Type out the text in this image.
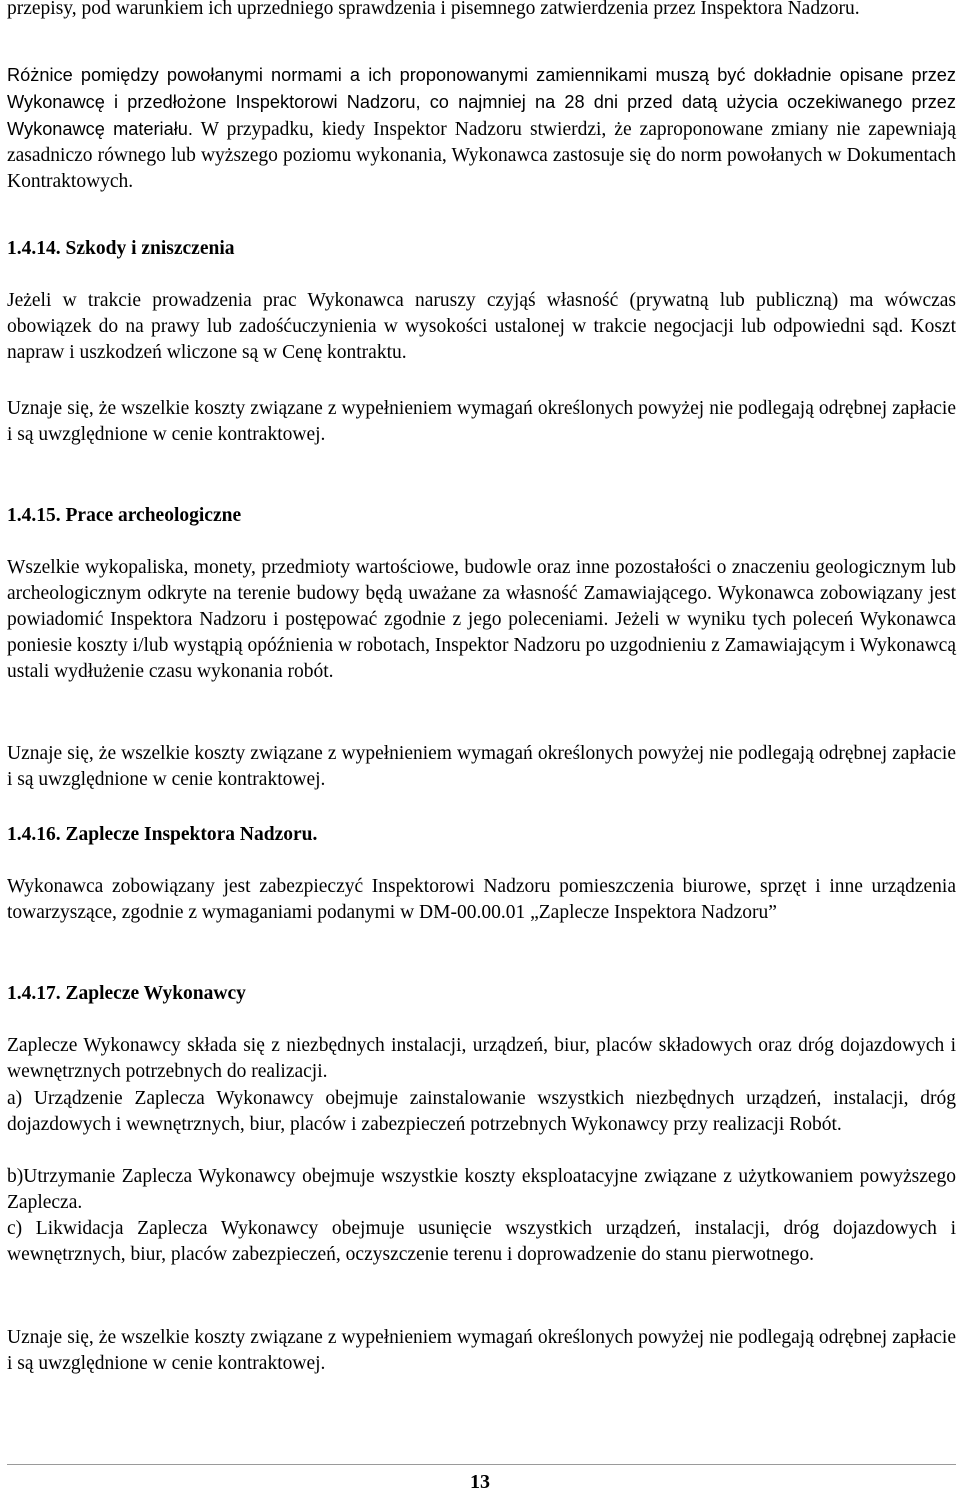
przepisy, pod warunkiem ich uprzedniego sprawdzenia i pisemnego zatwierdzenia przez Inspektora Nadzoru.

Różnice pomiędzy powołanymi normami a ich proponowanymi zamiennikami muszą być dokładnie opisane przez Wykonawcę i przedłożone Inspektorowi Nadzoru, co najmniej na 28 dni przed datą użycia oczekiwanego przez Wykonawcę materiału. W przypadku, kiedy Inspektor Nadzoru stwierdzi, że zaproponowane zmiany nie zapewniają zasadniczo równego lub wyższego poziomu wykonania, Wykonawca zastosuje się do norm powołanych w Dokumentach Kontraktowych.

1.4.14. Szkody i zniszczenia

Jeżeli w trakcie prowadzenia prac Wykonawca naruszy czyjąś własność (prywatną lub publiczną) ma wówczas obowiązek do na prawy lub zadośćuczynienia w wysokości ustalonej w trakcie negocjacji lub odpowiedni sąd. Koszt napraw i uszkodzeń wliczone są w Cenę kontraktu.

Uznaje się, że wszelkie koszty związane z wypełnieniem wymagań określonych powyżej nie podlegają odrębnej zapłacie i są uwzględnione w cenie kontraktowej.

1.4.15. Prace archeologiczne

Wszelkie wykopaliska, monety, przedmioty wartościowe, budowle oraz inne pozostałości o znaczeniu geologicznym lub archeologicznym odkryte na terenie budowy będą uważane za własność Zamawiającego. Wykonawca zobowiązany jest powiadomić Inspektora Nadzoru i postępować zgodnie z jego poleceniami. Jeżeli w wyniku tych poleceń Wykonawca poniesie koszty i/lub wystąpią opóźnienia w robotach, Inspektor Nadzoru po uzgodnieniu z Zamawiającym i Wykonawcą ustali wydłużenie czasu wykonania robót.

Uznaje się, że wszelkie koszty związane z wypełnieniem wymagań określonych powyżej nie podlegają odrębnej zapłacie i są uwzględnione w cenie kontraktowej.

1.4.16. Zaplecze Inspektora Nadzoru.

Wykonawca zobowiązany jest zabezpieczyć Inspektorowi Nadzoru pomieszczenia biurowe, sprzęt i inne urządzenia towarzyszące, zgodnie z wymaganiami podanymi w DM-00.00.01 „Zaplecze Inspektora Nadzoru”

1.4.17. Zaplecze Wykonawcy

Zaplecze Wykonawcy składa się z niezbędnych instalacji, urządzeń, biur, placów składowych oraz dróg dojazdowych i wewnętrznych potrzebnych do realizacji.

a) Urządzenie Zaplecza Wykonawcy obejmuje zainstalowanie wszystkich niezbędnych urządzeń, instalacji, dróg dojazdowych i wewnętrznych, biur, placów i zabezpieczeń potrzebnych Wykonawcy przy realizacji Robót.

b)Utrzymanie Zaplecza Wykonawcy obejmuje wszystkie koszty eksploatacyjne związane z użytkowaniem powyższego Zaplecza.

c) Likwidacja Zaplecza Wykonawcy obejmuje usunięcie wszystkich urządzeń, instalacji, dróg dojazdowych i wewnętrznych, biur, placów zabezpieczeń, oczyszczenie terenu i doprowadzenie do stanu pierwotnego.

Uznaje się, że wszelkie koszty związane z wypełnieniem wymagań określonych powyżej nie podlegają odrębnej zapłacie i są uwzględnione w cenie kontraktowej.

13
